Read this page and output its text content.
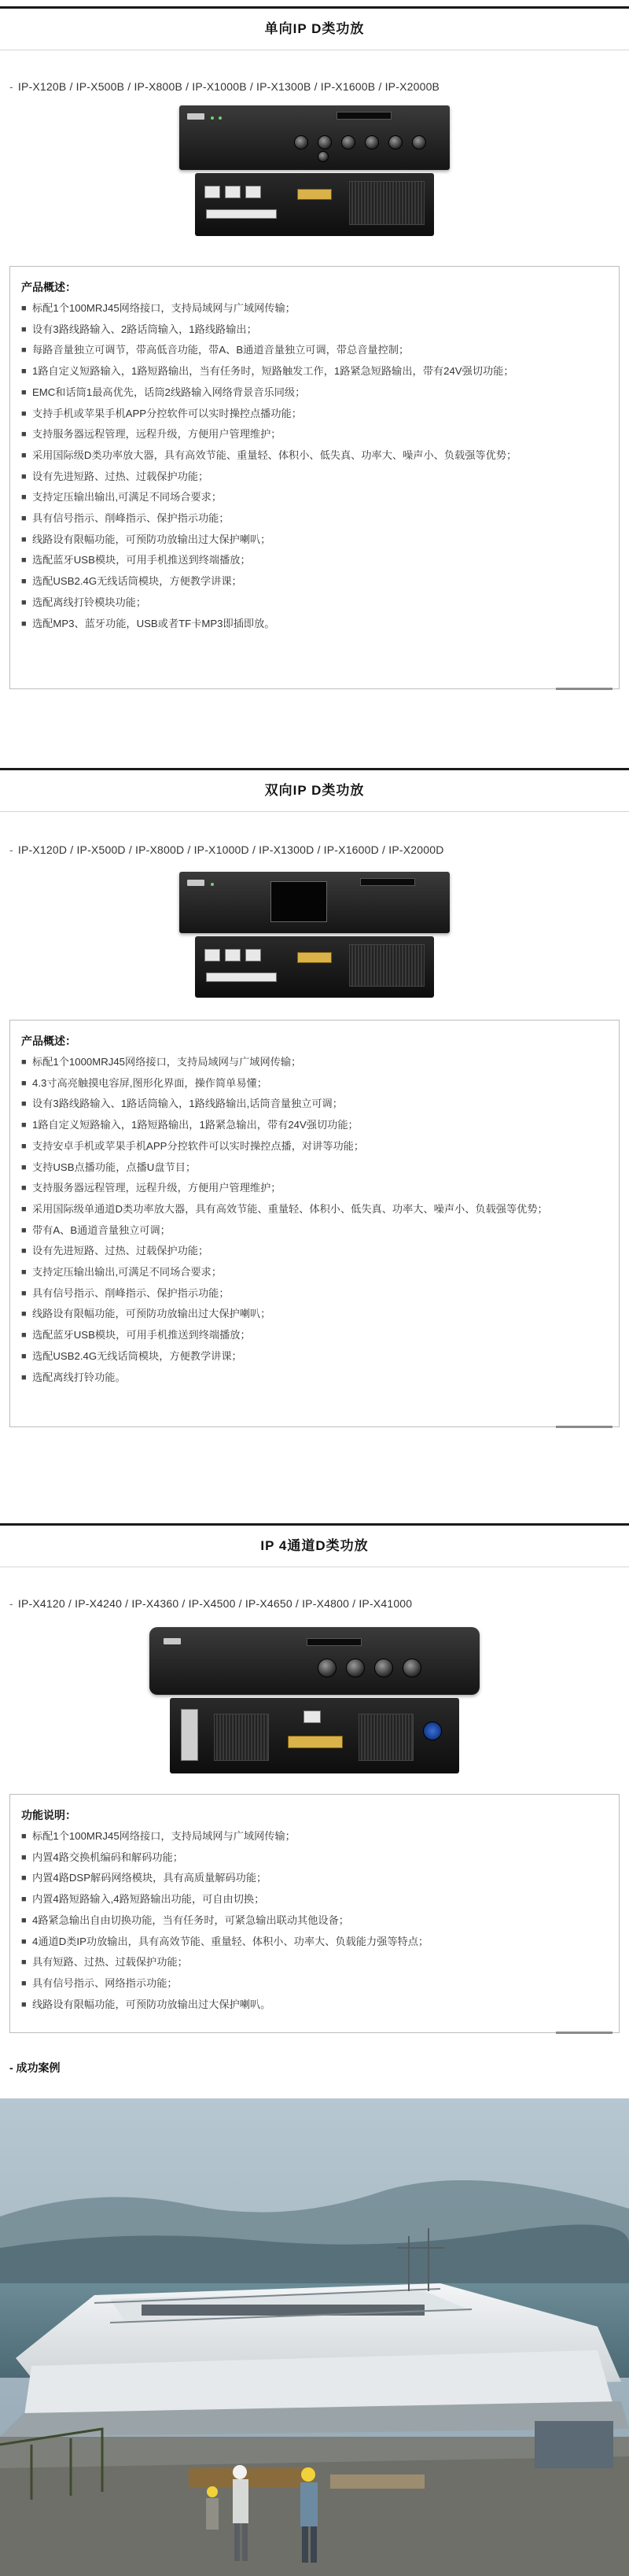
单向IP D类功放
- IP-X120B / IP-X500B / IP-X800B / IP-X1000B / IP-X1300B / IP-X1600B / IP-X2000B
产品概述：
■ 标配1个100MRJ45网络接口，支持局域网与广域网传输；
■ 设有3路线路输入、2路话筒输入，1路线路输出；
■ 每路音量独立可调节，带高低音功能，带A、B通道音量独立可调，带总音量控制；
■ 1路自定义短路输入，1路短路输出，当有任务时，短路触发工作，1路紧急短路输出，带有24V强切功能；
■ EMC和话筒1最高优先，话筒2线路输入网络背景音乐同级；
■ 支持手机或苹果手机APP分控软件可以实时操控点播功能；
■ 支持服务器远程管理，远程升级，方便用户管理维护；
■ 采用国际级D类功率放大器，具有高效节能、重量轻、体积小、低失真、功率大、噪声小、负载强等优势；
■ 设有先进短路、过热、过载保护功能；
■ 支持定压输出输出,可满足不同场合要求；
■ 具有信号指示、削峰指示、保护指示功能；
■ 线路设有限幅功能，可预防功放输出过大保护喇叭；
■ 选配蓝牙USB模块，可用手机推送到终端播放；
■ 选配USB2.4G无线话筒模块，方便教学讲课；
■ 选配离线打铃模块功能；
■ 选配MP3、蓝牙功能，USB或者TF卡MP3即插即放。
双向IP D类功放
- IP-X120D / IP-X500D / IP-X800D / IP-X1000D / IP-X1300D / IP-X1600D / IP-X2000D
产品概述：
■ 标配1个1000MRJ45网络接口，支持局域网与广域网传输；
■ 4.3寸高亮触摸电容屏,图形化界面，操作简单易懂；
■ 设有3路线路输入、1路话筒输入，1路线路输出,话筒音量独立可调；
■ 1路自定义短路输入，1路短路输出，1路紧急输出，带有24V强切功能；
■ 支持安卓手机或苹果手机APP分控软件可以实时操控点播，对讲等功能；
■ 支持USB点播功能，点播U盘节目；
■ 支持服务器远程管理，远程升级，方便用户管理维护；
■ 采用国际级单通道D类功率放大器，具有高效节能、重量轻、体积小、低失真、功率大、噪声小、负载强等优势；
■ 带有A、B通道音量独立可调；
■ 设有先进短路、过热、过载保护功能；
■ 支持定压输出输出,可满足不同场合要求；
■ 具有信号指示、削峰指示、保护指示功能；
■ 线路设有限幅功能，可预防功放输出过大保护喇叭；
■ 选配蓝牙USB模块，可用手机推送到终端播放；
■ 选配USB2.4G无线话筒模块，方便教学讲课；
■ 选配离线打铃功能。
IP 4通道D类功放
- IP-X4120 / IP-X4240 / IP-X4360 / IP-X4500 / IP-X4650 / IP-X4800 / IP-X41000
功能说明：
■ 标配1个100MRJ45网络接口，支持局域网与广域网传输；
■ 内置4路交换机编码和解码功能；
■ 内置4路DSP解码网络模块，具有高质量解码功能；
■ 内置4路短路输入,4路短路输出功能，可自由切换；
■ 4路紧急输出自由切换功能，当有任务时，可紧急输出联动其他设备；
■ 4通道D类IP功放输出，具有高效节能、重量轻、体积小、功率大、负载能力强等特点；
■ 具有短路、过热、过载保护功能；
■ 具有信号指示、网络指示功能；
■ 线路设有限幅功能，可预防功放输出过大保护喇叭。
- 成功案例
